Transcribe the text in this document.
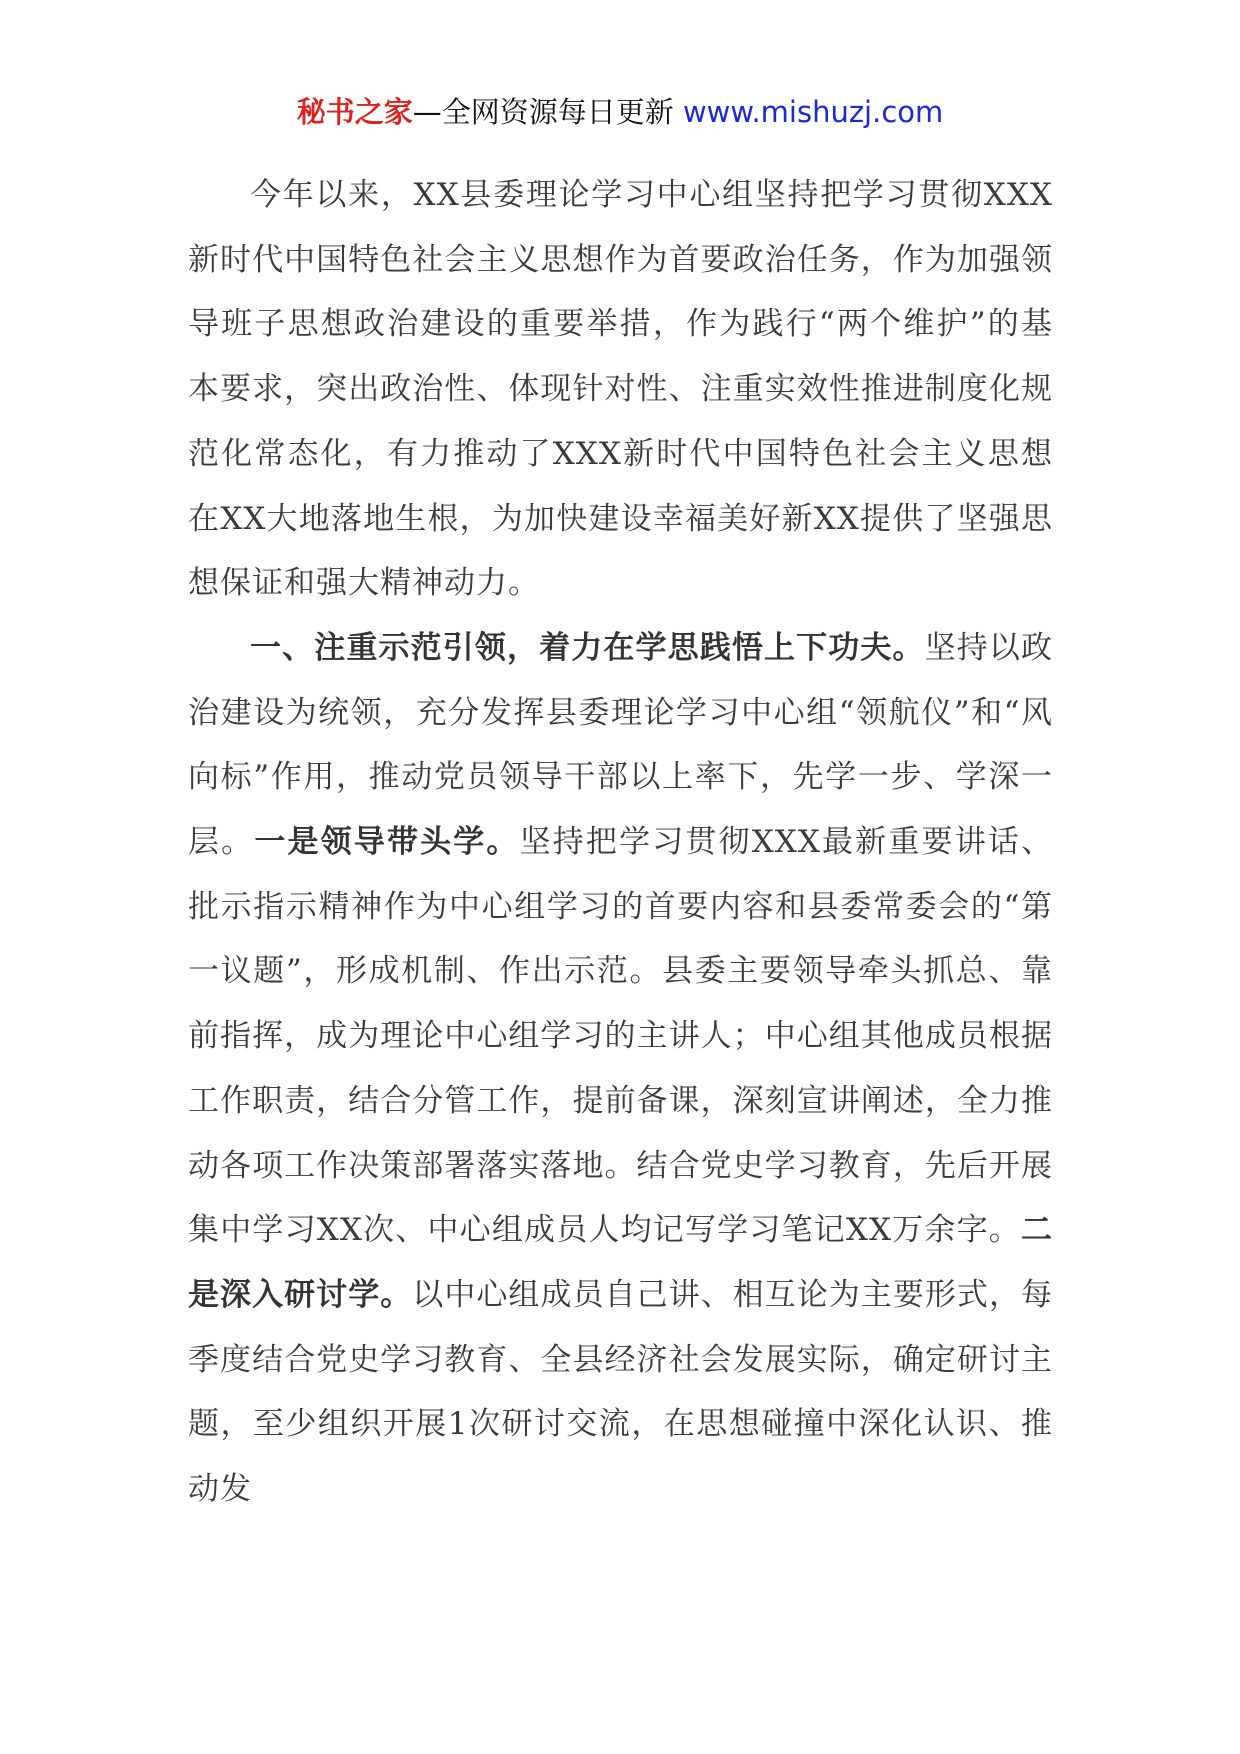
秘书之家—全网资源每日更新 www.mishuzj.com

今年以来，XX县委理论学习中心组坚持把学习贯彻XXX新时代中国特色社会主义思想作为首要政治任务，作为加强领导班子思想政治建设的重要举措，作为践行“两个维护”的基本要求，突出政治性、体现针对性、注重实效性推进制度化规范化常态化，有力推动了XXX新时代中国特色社会主义思想在XX大地落地生根，为加快建设幸福美好新XX提供了坚强思想保证和强大精神动力。

一、注重示范引领，着力在学思践悟上下功夫。坚持以政治建设为统领，充分发挥县委理论学习中心组“领航仪”和“风向标”作用，推动党员领导干部以上率下，先学一步、学深一层。一是领导带头学。坚持把学习贯彻XXX最新重要讲话、批示指示精神作为中心组学习的首要内容和县委常委会的“第一议题”，形成机制、作出示范。县委主要领导牵头抓总、靠前指挥，成为理论中心组学习的主讲人；中心组其他成员根据工作职责，结合分管工作，提前备课，深刻宣讲阐述，全力推动各项工作决策部署落实落地。结合党史学习教育，先后开展集中学习XX次、中心组成员人均记写学习笔记XX万余字。二是深入研讨学。以中心组成员自己讲、相互论为主要形式，每季度结合党史学习教育、全县经济社会发展实际，确定研讨主题，至少组织开展1次研讨交流，在思想碰撞中深化认识、推动发
